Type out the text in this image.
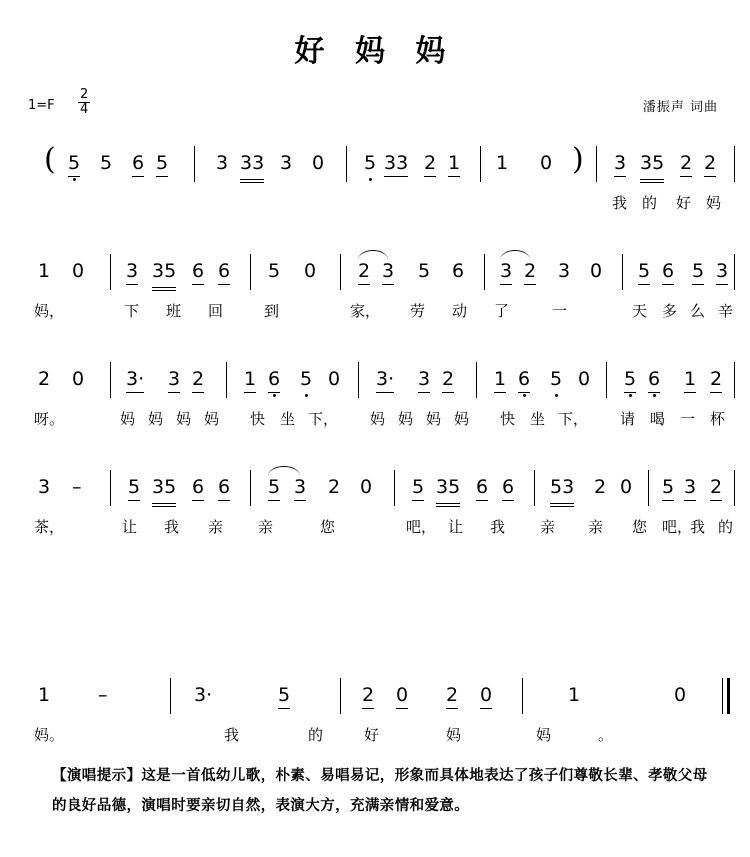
好 妈 妈
$1=F \frac{2}{4}$	潘振声 词曲
( 5 5 6 5	3 33 3 0 5 33 2 1 1 0 ) 3 35 2 2
我 的 好 妈
1 0 3 35 6 6 5 0 2 3 5 6 3 2 3 0 5 6 5 3
妈，	下 班 回	到	家， 劳 动 了	一	天 多 么 辛
2 0 3· 3 2 1 6 5 0 3· 3 2 1 6 5 0 5 6 1 2
呀。	妈 妈 妈 妈 快 坐 下， 妈 妈 妈 妈 快 坐 下， 请 喝 一 杯
3 – 5 35 6 6 5 3 2 0 5 35 6 6 53 2 0 5 3 2
茶，	让 我 亲 亲	您	吧， 让 我 亲 亲 您 吧，
我 的
1	–	3·	5	2 0 2 0	1	0
妈。	我	的	好	妈	妈	。
【演唱提示】这是一首低幼儿歌，朴素、易唱易记，形象而具体地表达了孩子们尊敬长辈、孝敬父母的良好品德，演唱时要亲切自然，表演大方，充满亲情和爱意。
